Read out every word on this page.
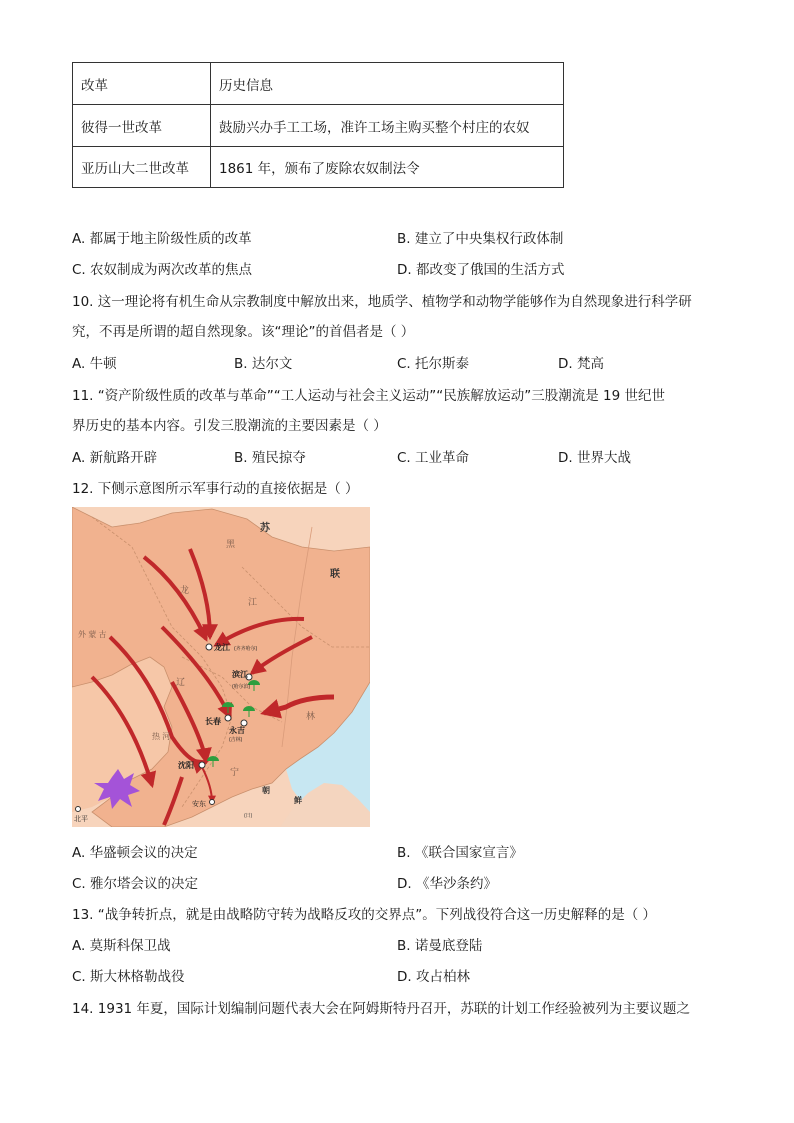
改革	历史信息
彼得一世改革	鼓励兴办手工工场，准许工场主购买整个村庄的农奴
亚历山大二世改革	1861 年，颁布了废除农奴制法令
A. 都属于地主阶级性质的改革	B. 建立了中央集权行政体制
C. 农奴制成为两次改革的焦点	D. 都改变了俄国的生活方式
10. 这一理论将有机生命从宗教制度中解放出来，地质学、植物学和动物学能够作为自然现象进行科学研
究，不再是所谓的超自然现象。该“理论”的首倡者是（ ）
A. 牛顿	B. 达尔文	C. 托尔斯泰	D. 梵高
11. “资产阶级性质的改革与革命”“工人运动与社会主义运动”“民族解放运动”三股潮流是 19 世纪世
界历史的基本内容。引发三股潮流的主要因素是（ ）
A. 新航路开辟	B. 殖民掠夺	C. 工业革命	D. 世界大战
12. 下侧示意图所示军事行动的直接依据是（ ）
苏
联
黑
龙
江
外 蒙 古
辽
热 河
宁
林
龙江 (齐齐哈尔)
滨江
(哈尔滨)
长春
永吉
(吉林)
沈阳
安东
朝
鲜
(日)
北平
A. 华盛顿会议的决定	B. 《联合国家宣言》
C. 雅尔塔会议的决定	D. 《华沙条约》
13. “战争转折点，就是由战略防守转为战略反攻的交界点”。下列战役符合这一历史解释的是（ ）
A. 莫斯科保卫战	B. 诺曼底登陆
C. 斯大林格勒战役	D. 攻占柏林
14. 1931 年夏，国际计划编制问题代表大会在阿姆斯特丹召开，苏联的计划工作经验被列为主要议题之
